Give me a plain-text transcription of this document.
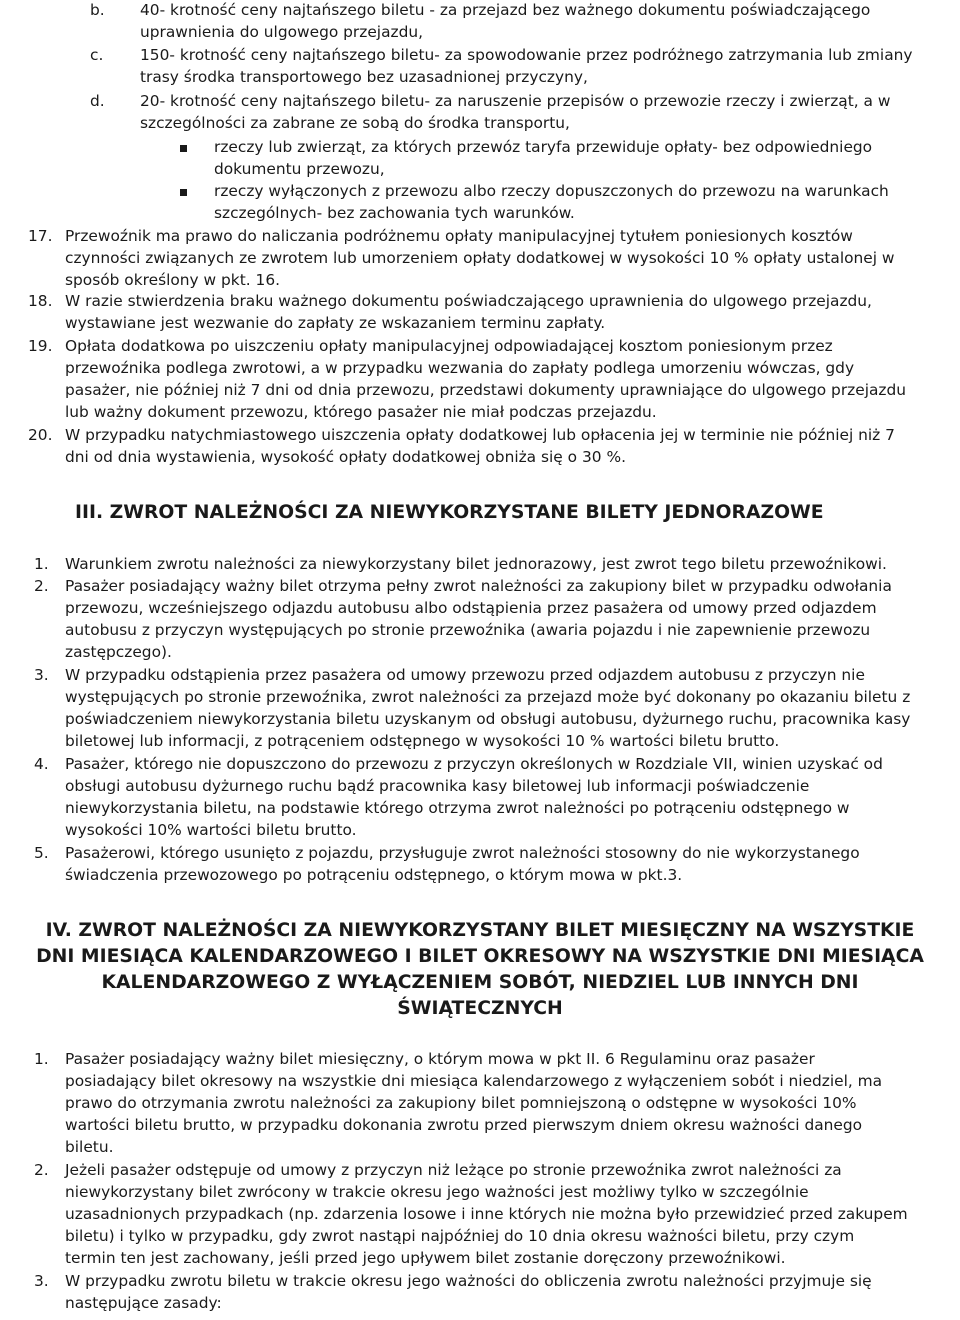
b.	40- krotność ceny najtańszego biletu - za przejazd bez ważnego dokumentu poświadczającego
uprawnienia do ulgowego przejazdu,
c.	150- krotność ceny najtańszego biletu- za spowodowanie przez podróżnego zatrzymania lub zmiany
trasy środka transportowego bez uzasadnionej przyczyny,
d.	20- krotność ceny najtańszego biletu- za naruszenie przepisów o przewozie rzeczy i zwierząt, a w
szczególności za zabrane ze sobą do środka transportu,
rzeczy lub zwierząt, za których przewóz taryfa przewiduje opłaty- bez odpowiedniego
dokumentu przewozu,
rzeczy wyłączonych z przewozu albo rzeczy dopuszczonych do przewozu na warunkach
szczególnych- bez zachowania tych warunków.
17. Przewoźnik ma prawo do naliczania podróżnemu opłaty manipulacyjnej tytułem poniesionych kosztów
czynności związanych ze zwrotem lub umorzeniem opłaty dodatkowej w wysokości 10 % opłaty ustalonej w
sposób określony w pkt. 16.
18. W razie stwierdzenia braku ważnego dokumentu poświadczającego uprawnienia do ulgowego przejazdu,
wystawiane jest wezwanie do zapłaty ze wskazaniem terminu zapłaty.
19. Opłata dodatkowa po uiszczeniu opłaty manipulacyjnej odpowiadającej kosztom poniesionym przez
przewoźnika podlega zwrotowi, a w przypadku wezwania do zapłaty podlega umorzeniu wówczas, gdy
pasażer, nie później niż 7 dni od dnia przewozu, przedstawi dokumenty uprawniające do ulgowego przejazdu
lub ważny dokument przewozu, którego pasażer nie miał podczas przejazdu.
20. W przypadku natychmiastowego uiszczenia opłaty dodatkowej lub opłacenia jej w terminie nie później niż 7
dni od dnia wystawienia, wysokość opłaty dodatkowej obniża się o 30 %.
III. ZWROT NALEŻNOŚCI ZA NIEWYKORZYSTANE BILETY JEDNORAZOWE
1.	Warunkiem zwrotu należności za niewykorzystany bilet jednorazowy, jest zwrot tego biletu przewoźnikowi.
2.	Pasażer posiadający ważny bilet otrzyma pełny zwrot należności za zakupiony bilet w przypadku odwołania
przewozu, wcześniejszego odjazdu autobusu albo odstąpienia przez pasażera od umowy przed odjazdem
autobusu z przyczyn występujących po stronie przewoźnika (awaria pojazdu i nie zapewnienie przewozu
zastępczego).
3.	W przypadku odstąpienia przez pasażera od umowy przewozu przed odjazdem autobusu z przyczyn nie
występujących po stronie przewoźnika, zwrot należności za przejazd może być dokonany po okazaniu biletu z
poświadczeniem niewykorzystania biletu uzyskanym od obsługi autobusu, dyżurnego ruchu, pracownika kasy
biletowej lub informacji, z potrąceniem odstępnego w wysokości 10 % wartości biletu brutto.
4.	Pasażer, którego nie dopuszczono do przewozu z przyczyn określonych w Rozdziale VII, winien uzyskać od
obsługi autobusu dyżurnego ruchu bądź pracownika kasy biletowej lub informacji poświadczenie
niewykorzystania biletu, na podstawie którego otrzyma zwrot należności po potrąceniu odstępnego w
wysokości 10% wartości biletu brutto.
5.	Pasażerowi, którego usunięto z pojazdu, przysługuje zwrot należności stosowny do nie wykorzystanego
świadczenia przewozowego po potrąceniu odstępnego, o którym mowa w pkt.3.
IV. ZWROT NALEŻNOŚCI ZA NIEWYKORZYSTANY BILET MIESIĘCZNY NA WSZYSTKIE
DNI MIESIĄCA KALENDARZOWEGO I BILET OKRESOWY NA WSZYSTKIE DNI MIESIĄCA
KALENDARZOWEGO Z WYŁĄCZENIEM SOBÓT, NIEDZIEL LUB INNYCH DNI
ŚWIĄTECZNYCH
1.	Pasażer posiadający ważny bilet miesięczny, o którym mowa w pkt II. 6 Regulaminu oraz pasażer
posiadający bilet okresowy na wszystkie dni miesiąca kalendarzowego z wyłączeniem sobót i niedziel, ma
prawo do otrzymania zwrotu należności za zakupiony bilet pomniejszoną o odstępne w wysokości 10%
wartości biletu brutto, w przypadku dokonania zwrotu przed pierwszym dniem okresu ważności danego
biletu.
2.	Jeżeli pasażer odstępuje od umowy z przyczyn niż leżące po stronie przewoźnika zwrot należności za
niewykorzystany bilet zwrócony w trakcie okresu jego ważności jest możliwy tylko w szczególnie
uzasadnionych przypadkach (np. zdarzenia losowe i inne których nie można było przewidzieć przed zakupem
biletu) i tylko w przypadku, gdy zwrot nastąpi najpóźniej do 10 dnia okresu ważności biletu, przy czym
termin ten jest zachowany, jeśli przed jego upływem bilet zostanie doręczony przewoźnikowi.
3.	W przypadku zwrotu biletu w trakcie okresu jego ważności do obliczenia zwrotu należności przyjmuje się
następujące zasady:
